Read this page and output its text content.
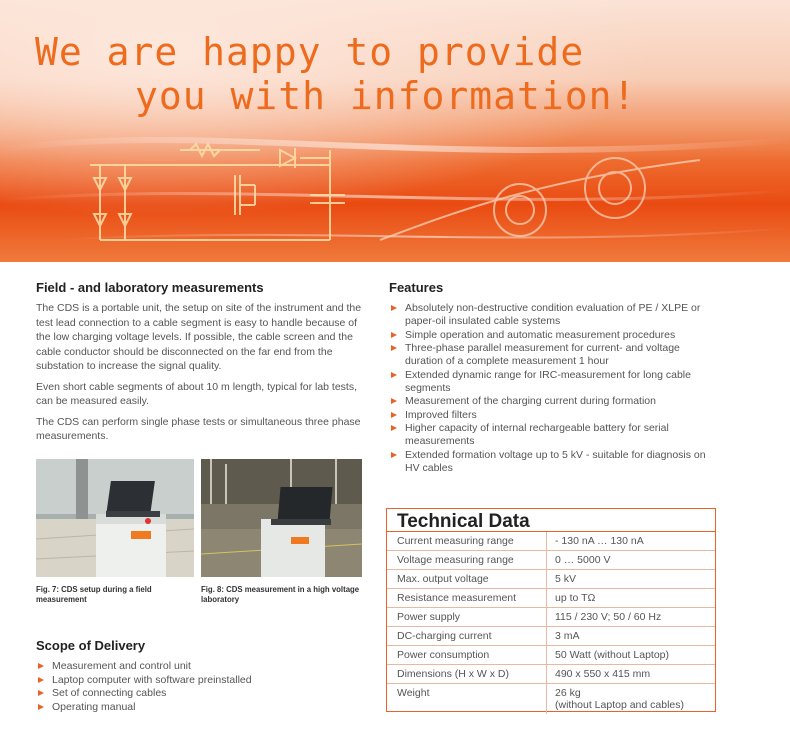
We are happy to provide
you with information!
Field - and laboratory measurements

The CDS is a portable unit, the setup on site of the instrument and the test lead connection to a cable segment is easy to handle because of the low charging voltage levels. If possible, the cable screen and the cable conductor should be disconnected on the far end from the substation to increase the signal quality.

Even short cable segments of about 10 m length, typical for lab tests, can be measured easily.

The CDS can perform single phase tests or simultaneous three phase measurements.

Fig. 7: CDS setup during a field measurement
Fig. 8: CDS measurement in a high voltage laboratory
Scope of Delivery
Measurement and control unit
Laptop computer with software preinstalled
Set of connecting cables
Operating manual
Features
Absolutely non-destructive condition evaluation of PE / XLPE or paper-oil insulated cable systems
Simple operation and automatic measurement procedures
Three-phase parallel measurement for current- and voltage duration of a complete measurement 1 hour
Extended dynamic range for IRC-measurement for long cable segments
Measurement of the charging current during formation
Improved filters
Higher capacity of internal rechargeable battery for serial measurements
Extended formation voltage up to 5 kV - suitable for diagnosis on HV cables
Technical Data
Current measuring range	- 130 nA … 130 nA
Voltage measuring range	0 … 5000 V
Max. output voltage	5 kV
Resistance measurement	up to TΩ
Power supply	115 / 230 V; 50 / 60 Hz
DC-charging current	3 mA
Power consumption	50 Watt (without Laptop)
Dimensions (H x W x D)	490 x 550 x 415 mm
Weight	26 kg
(without Laptop and cables)
